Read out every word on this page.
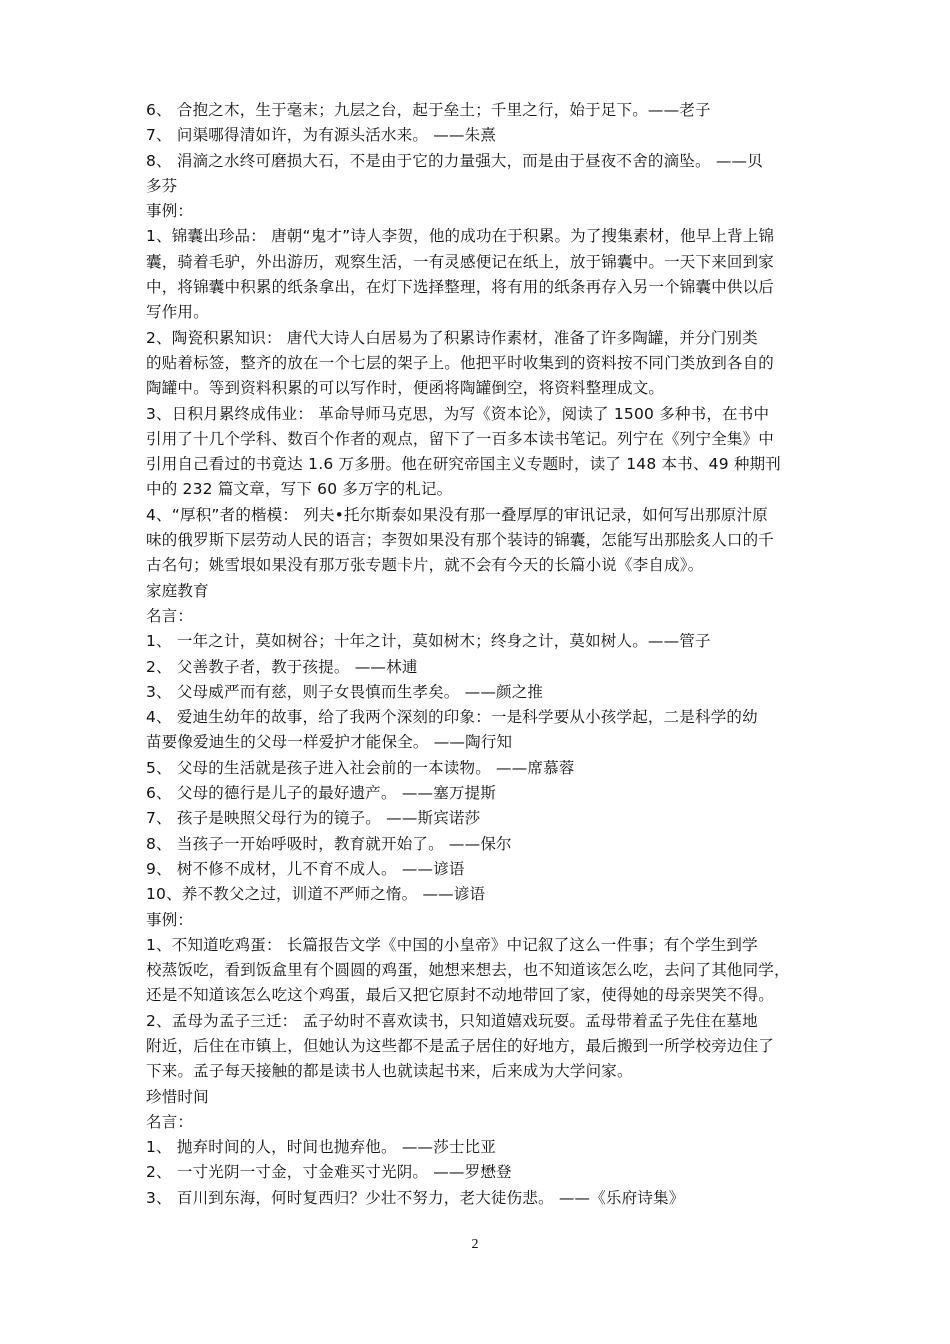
6、 合抱之木，生于毫末；九层之台，起于垒土；千里之行，始于足下。——老子
7、 问渠哪得清如许，为有源头活水来。 ——朱熹
8、 涓滴之水终可磨损大石，不是由于它的力量强大，而是由于昼夜不舍的滴坠。 ——贝
多芬
事例：
1、锦囊出珍品： 唐朝“鬼才”诗人李贺，他的成功在于积累。为了搜集素材，他早上背上锦
囊，骑着毛驴，外出游历，观察生活，一有灵感便记在纸上，放于锦囊中。一天下来回到家
中，将锦囊中积累的纸条拿出，在灯下选择整理，将有用的纸条再存入另一个锦囊中供以后
写作用。
2、陶瓷积累知识： 唐代大诗人白居易为了积累诗作素材，准备了许多陶罐，并分门别类
的贴着标签，整齐的放在一个七层的架子上。他把平时收集到的资料按不同门类放到各自的
陶罐中。等到资料积累的可以写作时，便函将陶罐倒空，将资料整理成文。
3、日积月累终成伟业： 革命导师马克思，为写《资本论》，阅读了 1500 多种书，在书中
引用了十几个学科、数百个作者的观点，留下了一百多本读书笔记。列宁在《列宁全集》中
引用自己看过的书竟达 1.6 万多册。他在研究帝国主义专题时，读了 148 本书、49 种期刊
中的 232 篇文章，写下 60 多万字的札记。
4、“厚积”者的楷模： 列夫•托尔斯泰如果没有那一叠厚厚的审讯记录，如何写出那原汁原
味的俄罗斯下层劳动人民的语言；李贺如果没有那个装诗的锦囊，怎能写出那脍炙人口的千
古名句；姚雪垠如果没有那万张专题卡片，就不会有今天的长篇小说《李自成》。
家庭教育
名言：
1、 一年之计，莫如树谷；十年之计，莫如树木；终身之计，莫如树人。——管子
2、 父善教子者，教于孩提。 ——林逋
3、 父母威严而有慈，则子女畏慎而生孝矣。 ——颜之推
4、 爱迪生幼年的故事，给了我两个深刻的印象：一是科学要从小孩学起，二是科学的幼
苗要像爱迪生的父母一样爱护才能保全。 ——陶行知
5、 父母的生活就是孩子进入社会前的一本读物。 ——席慕蓉
6、 父母的德行是儿子的最好遗产。 ——塞万提斯
7、 孩子是映照父母行为的镜子。 ——斯宾诺莎
8、 当孩子一开始呼吸时，教育就开始了。 ——保尔
9、 树不修不成材，儿不育不成人。 ——谚语
10、养不教父之过，训道不严师之惰。 ——谚语
事例：
1、不知道吃鸡蛋： 长篇报告文学《中国的小皇帝》中记叙了这么一件事；有个学生到学
校蒸饭吃，看到饭盒里有个圆圆的鸡蛋，她想来想去，也不知道该怎么吃，去问了其他同学，
还是不知道该怎么吃这个鸡蛋，最后又把它原封不动地带回了家，使得她的母亲哭笑不得。
2、孟母为孟子三迁： 孟子幼时不喜欢读书，只知道嬉戏玩耍。孟母带着孟子先住在墓地
附近，后住在市镇上，但她认为这些都不是孟子居住的好地方，最后搬到一所学校旁边住了
下来。孟子每天接触的都是读书人也就读起书来，后来成为大学问家。
珍惜时间
名言：
1、 抛弃时间的人，时间也抛弃他。 ——莎士比亚
2、 一寸光阴一寸金，寸金难买寸光阴。 ——罗懋登
3、 百川到东海，何时复西归？少壮不努力，老大徒伤悲。 ——《乐府诗集》
2
